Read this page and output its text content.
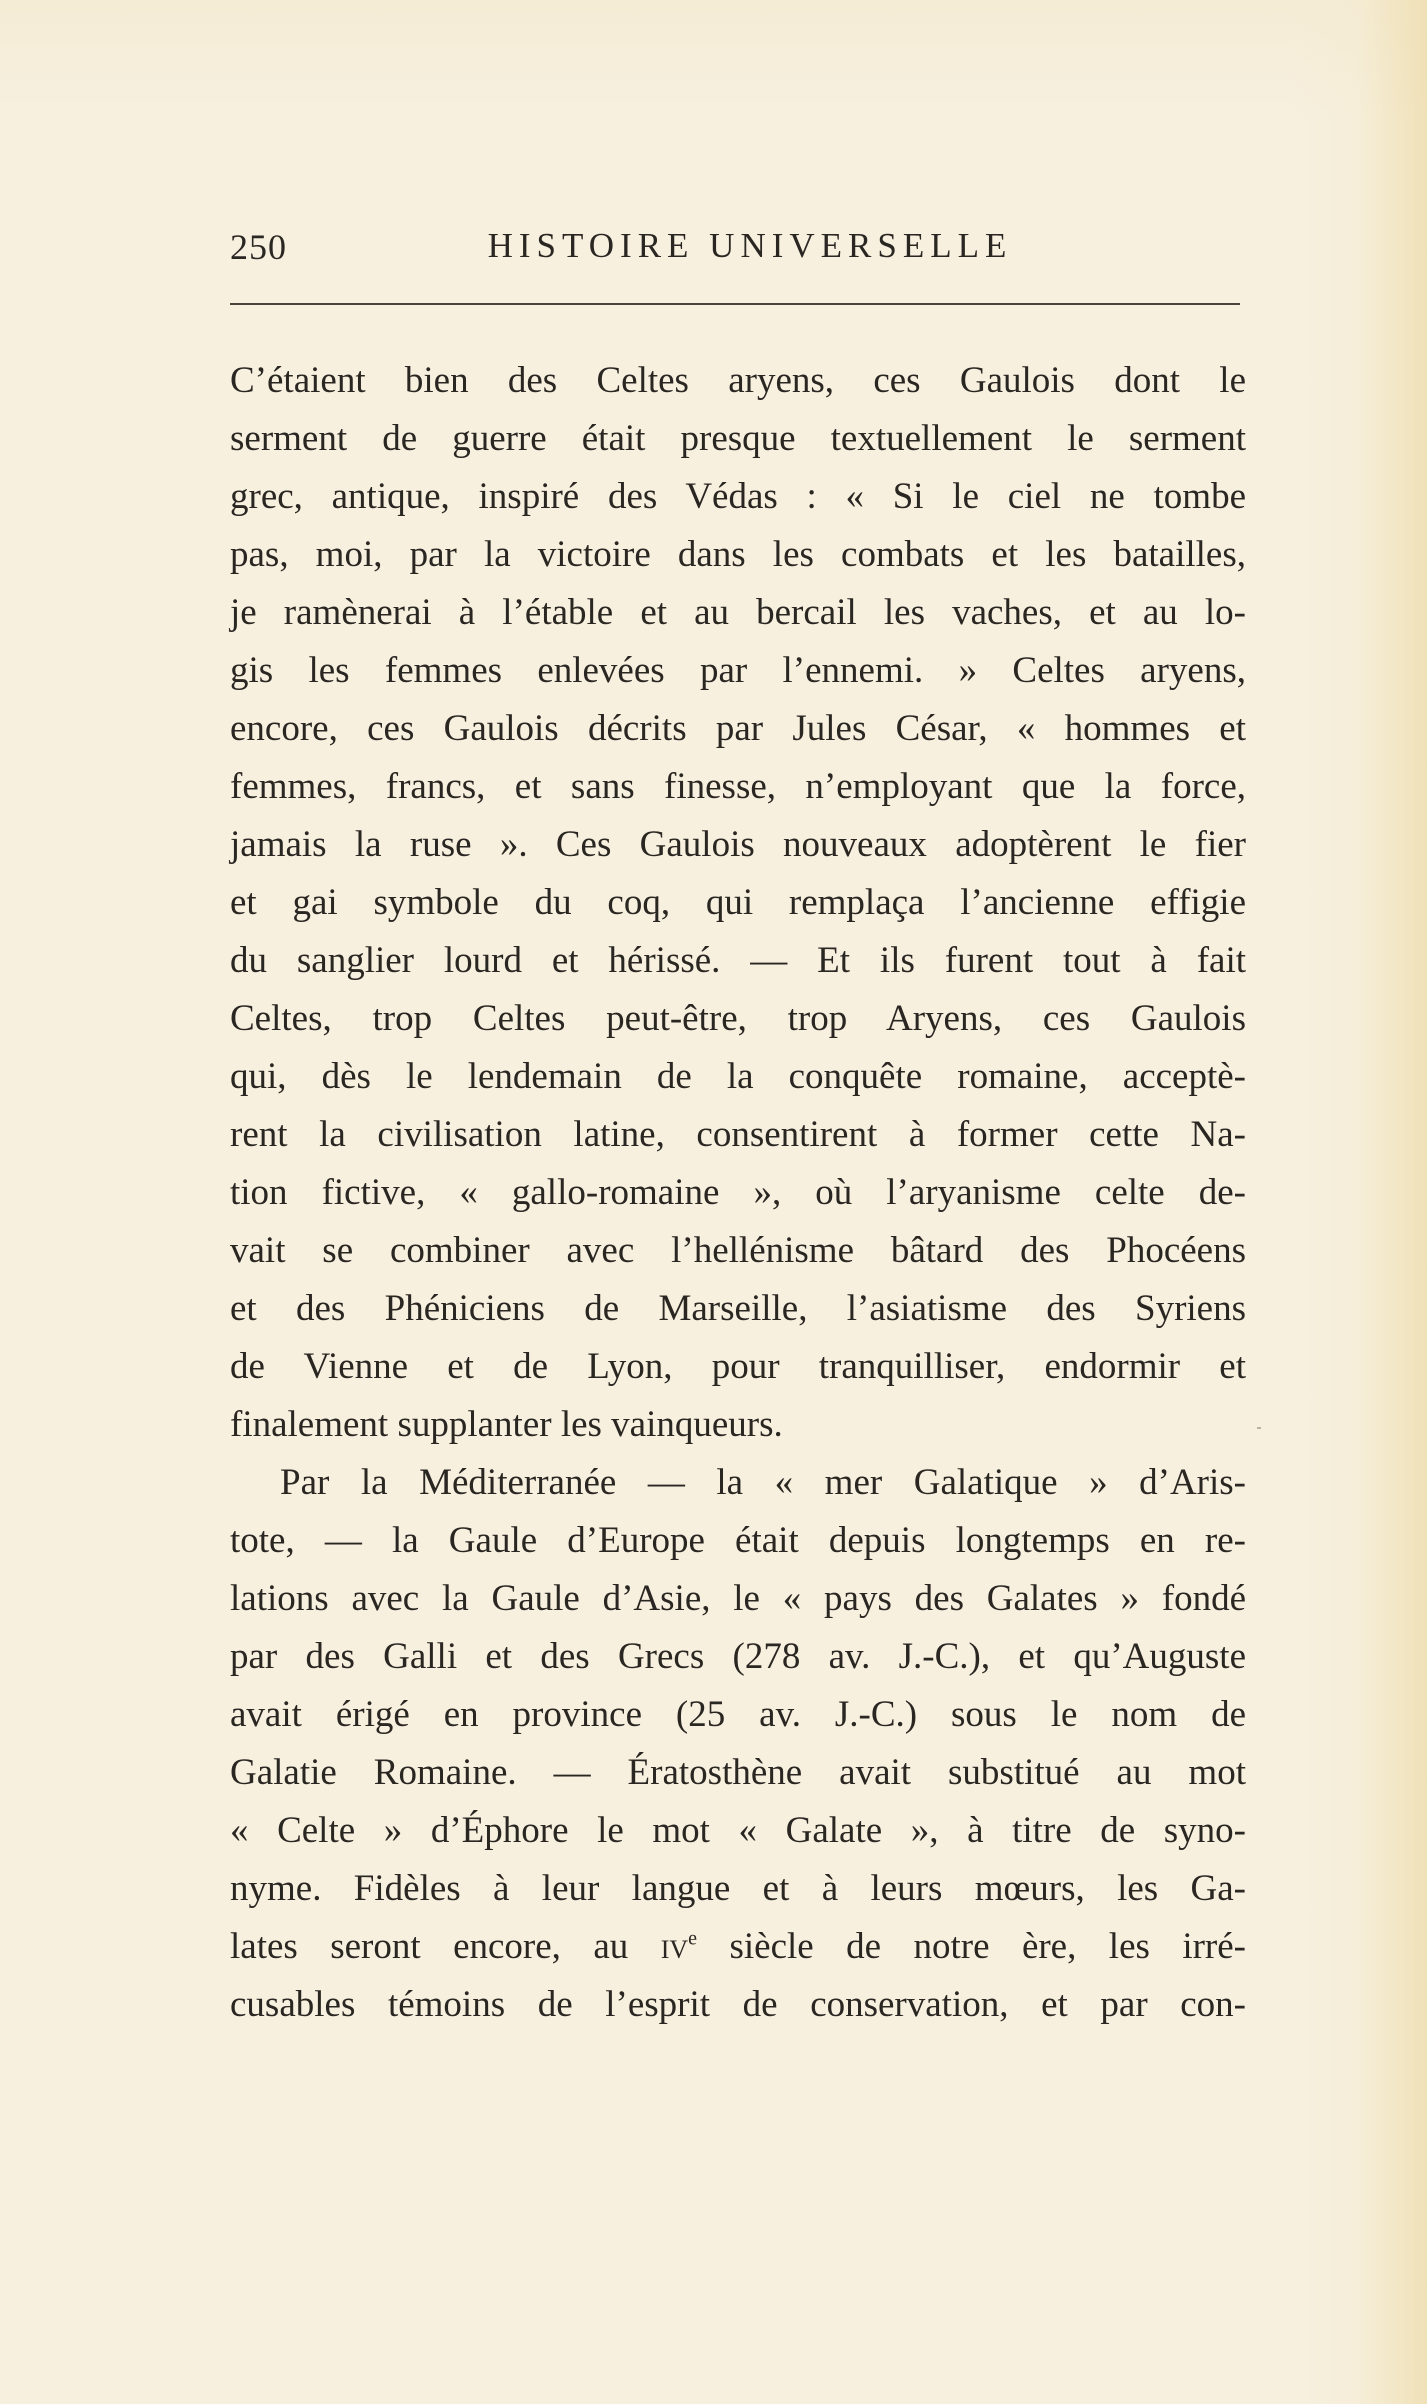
250	HISTOIRE UNIVERSELLE
C’étaient bien des Celtes aryens, ces Gaulois dont le
serment de guerre était presque textuellement le serment
grec, antique, inspiré des Védas : « Si le ciel ne tombe
pas, moi, par la victoire dans les combats et les batailles,
je ramènerai à l’étable et au bercail les vaches, et au lo-
gis les femmes enlevées par l’ennemi. » Celtes aryens,
encore, ces Gaulois décrits par Jules César, « hommes et
femmes, francs, et sans finesse, n’employant que la force,
jamais la ruse ». Ces Gaulois nouveaux adoptèrent le fier
et gai symbole du coq, qui remplaça l’ancienne effigie
du sanglier lourd et hérissé. — Et ils furent tout à fait
Celtes, trop Celtes peut-être, trop Aryens, ces Gaulois
qui, dès le lendemain de la conquête romaine, acceptè-
rent la civilisation latine, consentirent à former cette Na-
tion fictive, « gallo-romaine », où l’aryanisme celte de-
vait se combiner avec l’hellénisme bâtard des Phocéens
et des Phéniciens de Marseille, l’asiatisme des Syriens
de Vienne et de Lyon, pour tranquilliser, endormir et
finalement supplanter les vainqueurs.
Par la Méditerranée — la « mer Galatique » d’Aris-
tote, — la Gaule d’Europe était depuis longtemps en re-
lations avec la Gaule d’Asie, le « pays des Galates » fondé
par des Galli et des Grecs (278 av. J.-C.), et qu’Auguste
avait érigé en province (25 av. J.-C.) sous le nom de
Galatie Romaine. — Ératosthène avait substitué au mot
« Celte » d’Éphore le mot « Galate », à titre de syno-
nyme. Fidèles à leur langue et à leurs mœurs, les Ga-
lates seront encore, au $iv^e$ siècle de notre ère, les irré-
cusables témoins de l’esprit de conservation, et par con-
